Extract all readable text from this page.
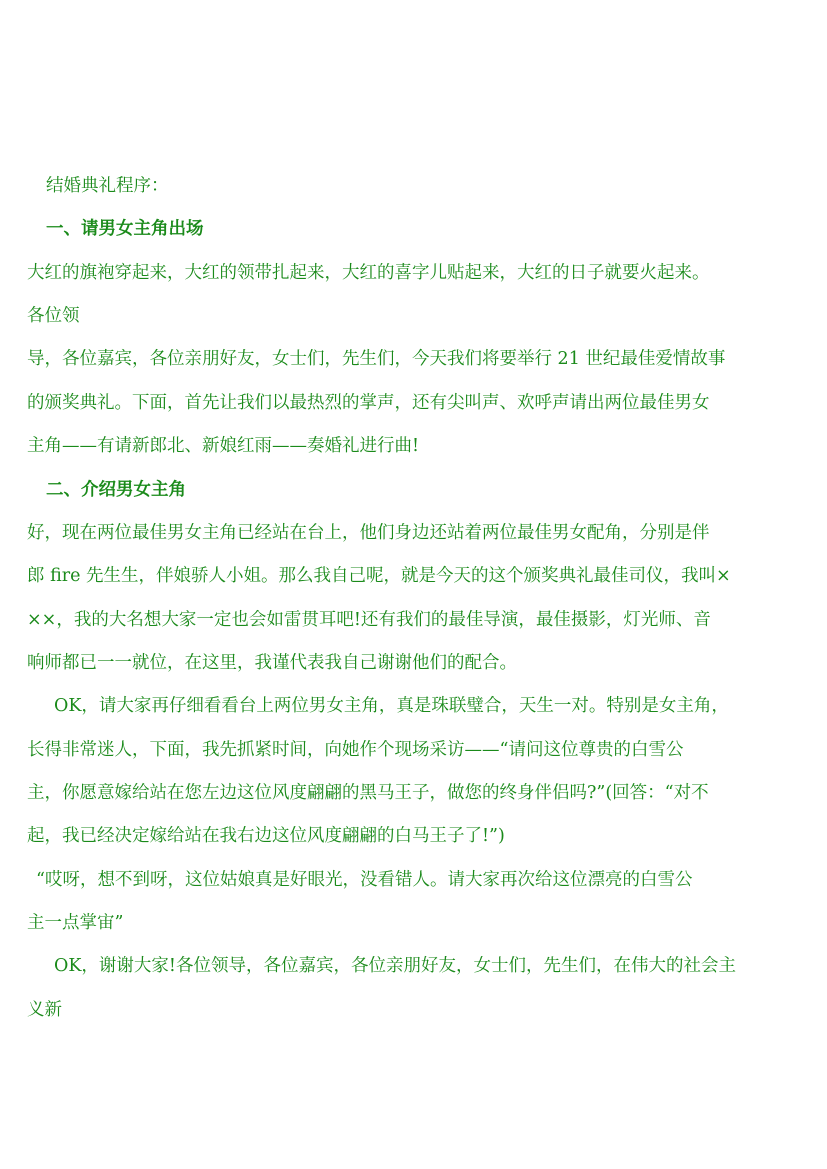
结婚典礼程序：
一、请男女主角出场
大红的旗袍穿起来，大红的领带扎起来，大红的喜字儿贴起来，大红的日子就要火起来。
各位领
导，各位嘉宾，各位亲朋好友，女士们，先生们，今天我们将要举行 21 世纪最佳爱情故事
的颁奖典礼。下面，首先让我们以最热烈的掌声，还有尖叫声、欢呼声请出两位最佳男女
主角——有请新郎北、新娘红雨——奏婚礼进行曲!
二、介绍男女主角
好，现在两位最佳男女主角已经站在台上，他们身边还站着两位最佳男女配角，分别是伴
郎 fire 先生生，伴娘骄人小姐。那么我自己呢，就是今天的这个颁奖典礼最佳司仪，我叫×
××，我的大名想大家一定也会如雷贯耳吧!还有我们的最佳导演，最佳摄影，灯光师、音
响师都已一一就位，在这里，我谨代表我自己谢谢他们的配合。
OK，请大家再仔细看看台上两位男女主角，真是珠联璧合，天生一对。特别是女主角，
长得非常迷人，下面，我先抓紧时间，向她作个现场采访——“请问这位尊贵的白雪公
主，你愿意嫁给站在您左边这位风度翩翩的黑马王子，做您的终身伴侣吗?”(回答：“对不
起，我已经决定嫁给站在我右边这位风度翩翩的白马王子了!”)
“哎呀，想不到呀，这位姑娘真是好眼光，没看错人。请大家再次给这位漂亮的白雪公
主一点掌宙”
OK，谢谢大家!各位领导，各位嘉宾，各位亲朋好友，女士们，先生们，在伟大的社会主
义新
